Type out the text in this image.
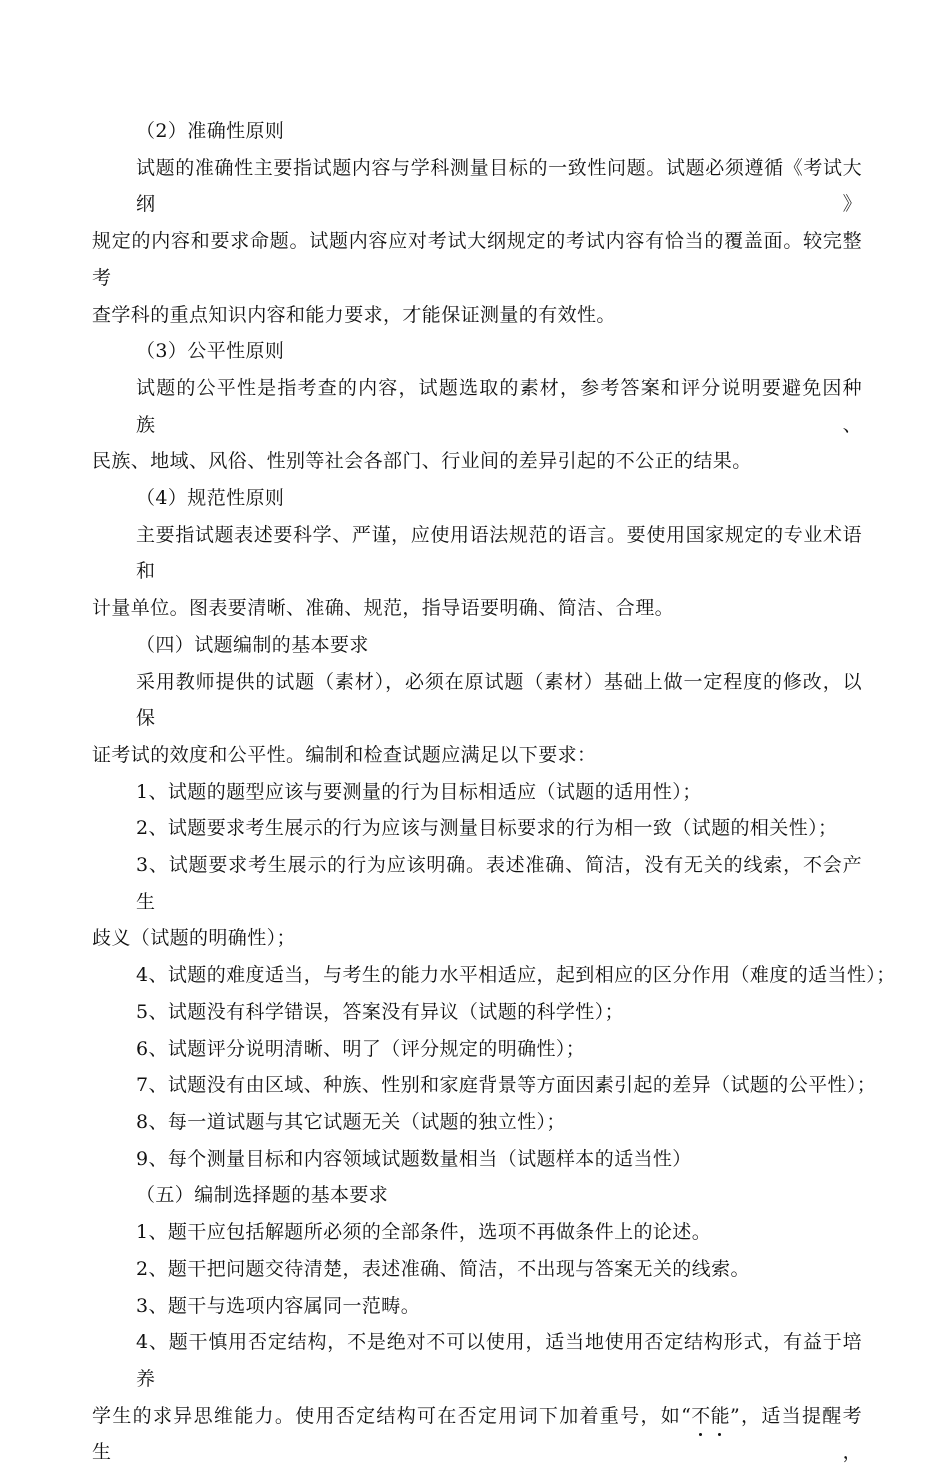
（2）准确性原则

试题的准确性主要指试题内容与学科测量目标的一致性问题。试题必须遵循《考试大纲》

规定的内容和要求命题。试题内容应对考试大纲规定的考试内容有恰当的覆盖面。较完整考

查学科的重点知识内容和能力要求，才能保证测量的有效性。

（3）公平性原则

试题的公平性是指考查的内容，试题选取的素材，参考答案和评分说明要避免因种族、

民族、地域、风俗、性别等社会各部门、行业间的差异引起的不公正的结果。

（4）规范性原则

主要指试题表述要科学、严谨，应使用语法规范的语言。要使用国家规定的专业术语和

计量单位。图表要清晰、准确、规范，指导语要明确、简洁、合理。

（四）试题编制的基本要求

采用教师提供的试题（素材），必须在原试题（素材）基础上做一定程度的修改，以保

证考试的效度和公平性。编制和检查试题应满足以下要求：

1、试题的题型应该与要测量的行为目标相适应（试题的适用性）；

2、试题要求考生展示的行为应该与测量目标要求的行为相一致（试题的相关性）；

3、试题要求考生展示的行为应该明确。表述准确、简洁，没有无关的线索，不会产生

歧义（试题的明确性）；

4、试题的难度适当，与考生的能力水平相适应，起到相应的区分作用（难度的适当性）；

5、试题没有科学错误，答案没有异议（试题的科学性）；

6、试题评分说明清晰、明了（评分规定的明确性）；

7、试题没有由区域、种族、性别和家庭背景等方面因素引起的差异（试题的公平性）；

8、每一道试题与其它试题无关（试题的独立性）；

9、每个测量目标和内容领域试题数量相当（试题样本的适当性）

（五）编制选择题的基本要求

1、题干应包括解题所必须的全部条件，选项不再做条件上的论述。

2、题干把问题交待清楚，表述准确、简洁，不出现与答案无关的线索。

3、题干与选项内容属同一范畴。

4、题干慎用否定结构，不是绝对不可以使用，适当地使用否定结构形式，有益于培养

学生的求异思维能力。使用否定结构可在否定用词下加着重号，如“不能
”，适当提醒考生，
